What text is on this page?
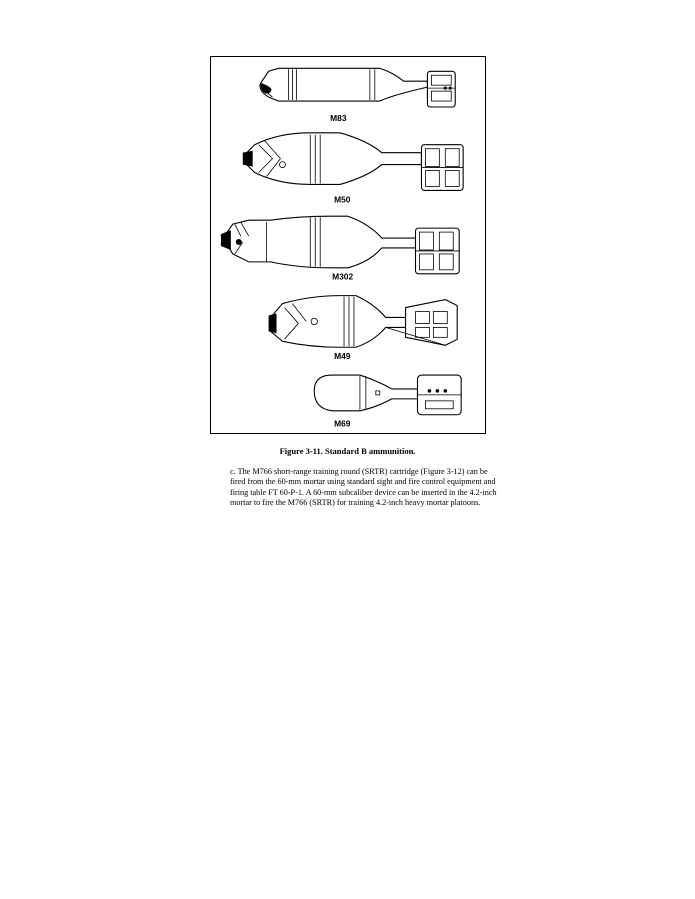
M83
M50
M302
M49
M69

Figure 3-11. Standard B ammunition.

c. The M766 short-range training round (SRTR) cartridge (Figure 3-12) can be
fired from the 60-mm mortar using standard sight and fire control equipment and
firing table FT 60-P-1. A 60-mm subcaliber device can be inserted in the 4.2-inch
mortar to fire the M766 (SRTR) for training 4.2-inch heavy mortar platoons.
